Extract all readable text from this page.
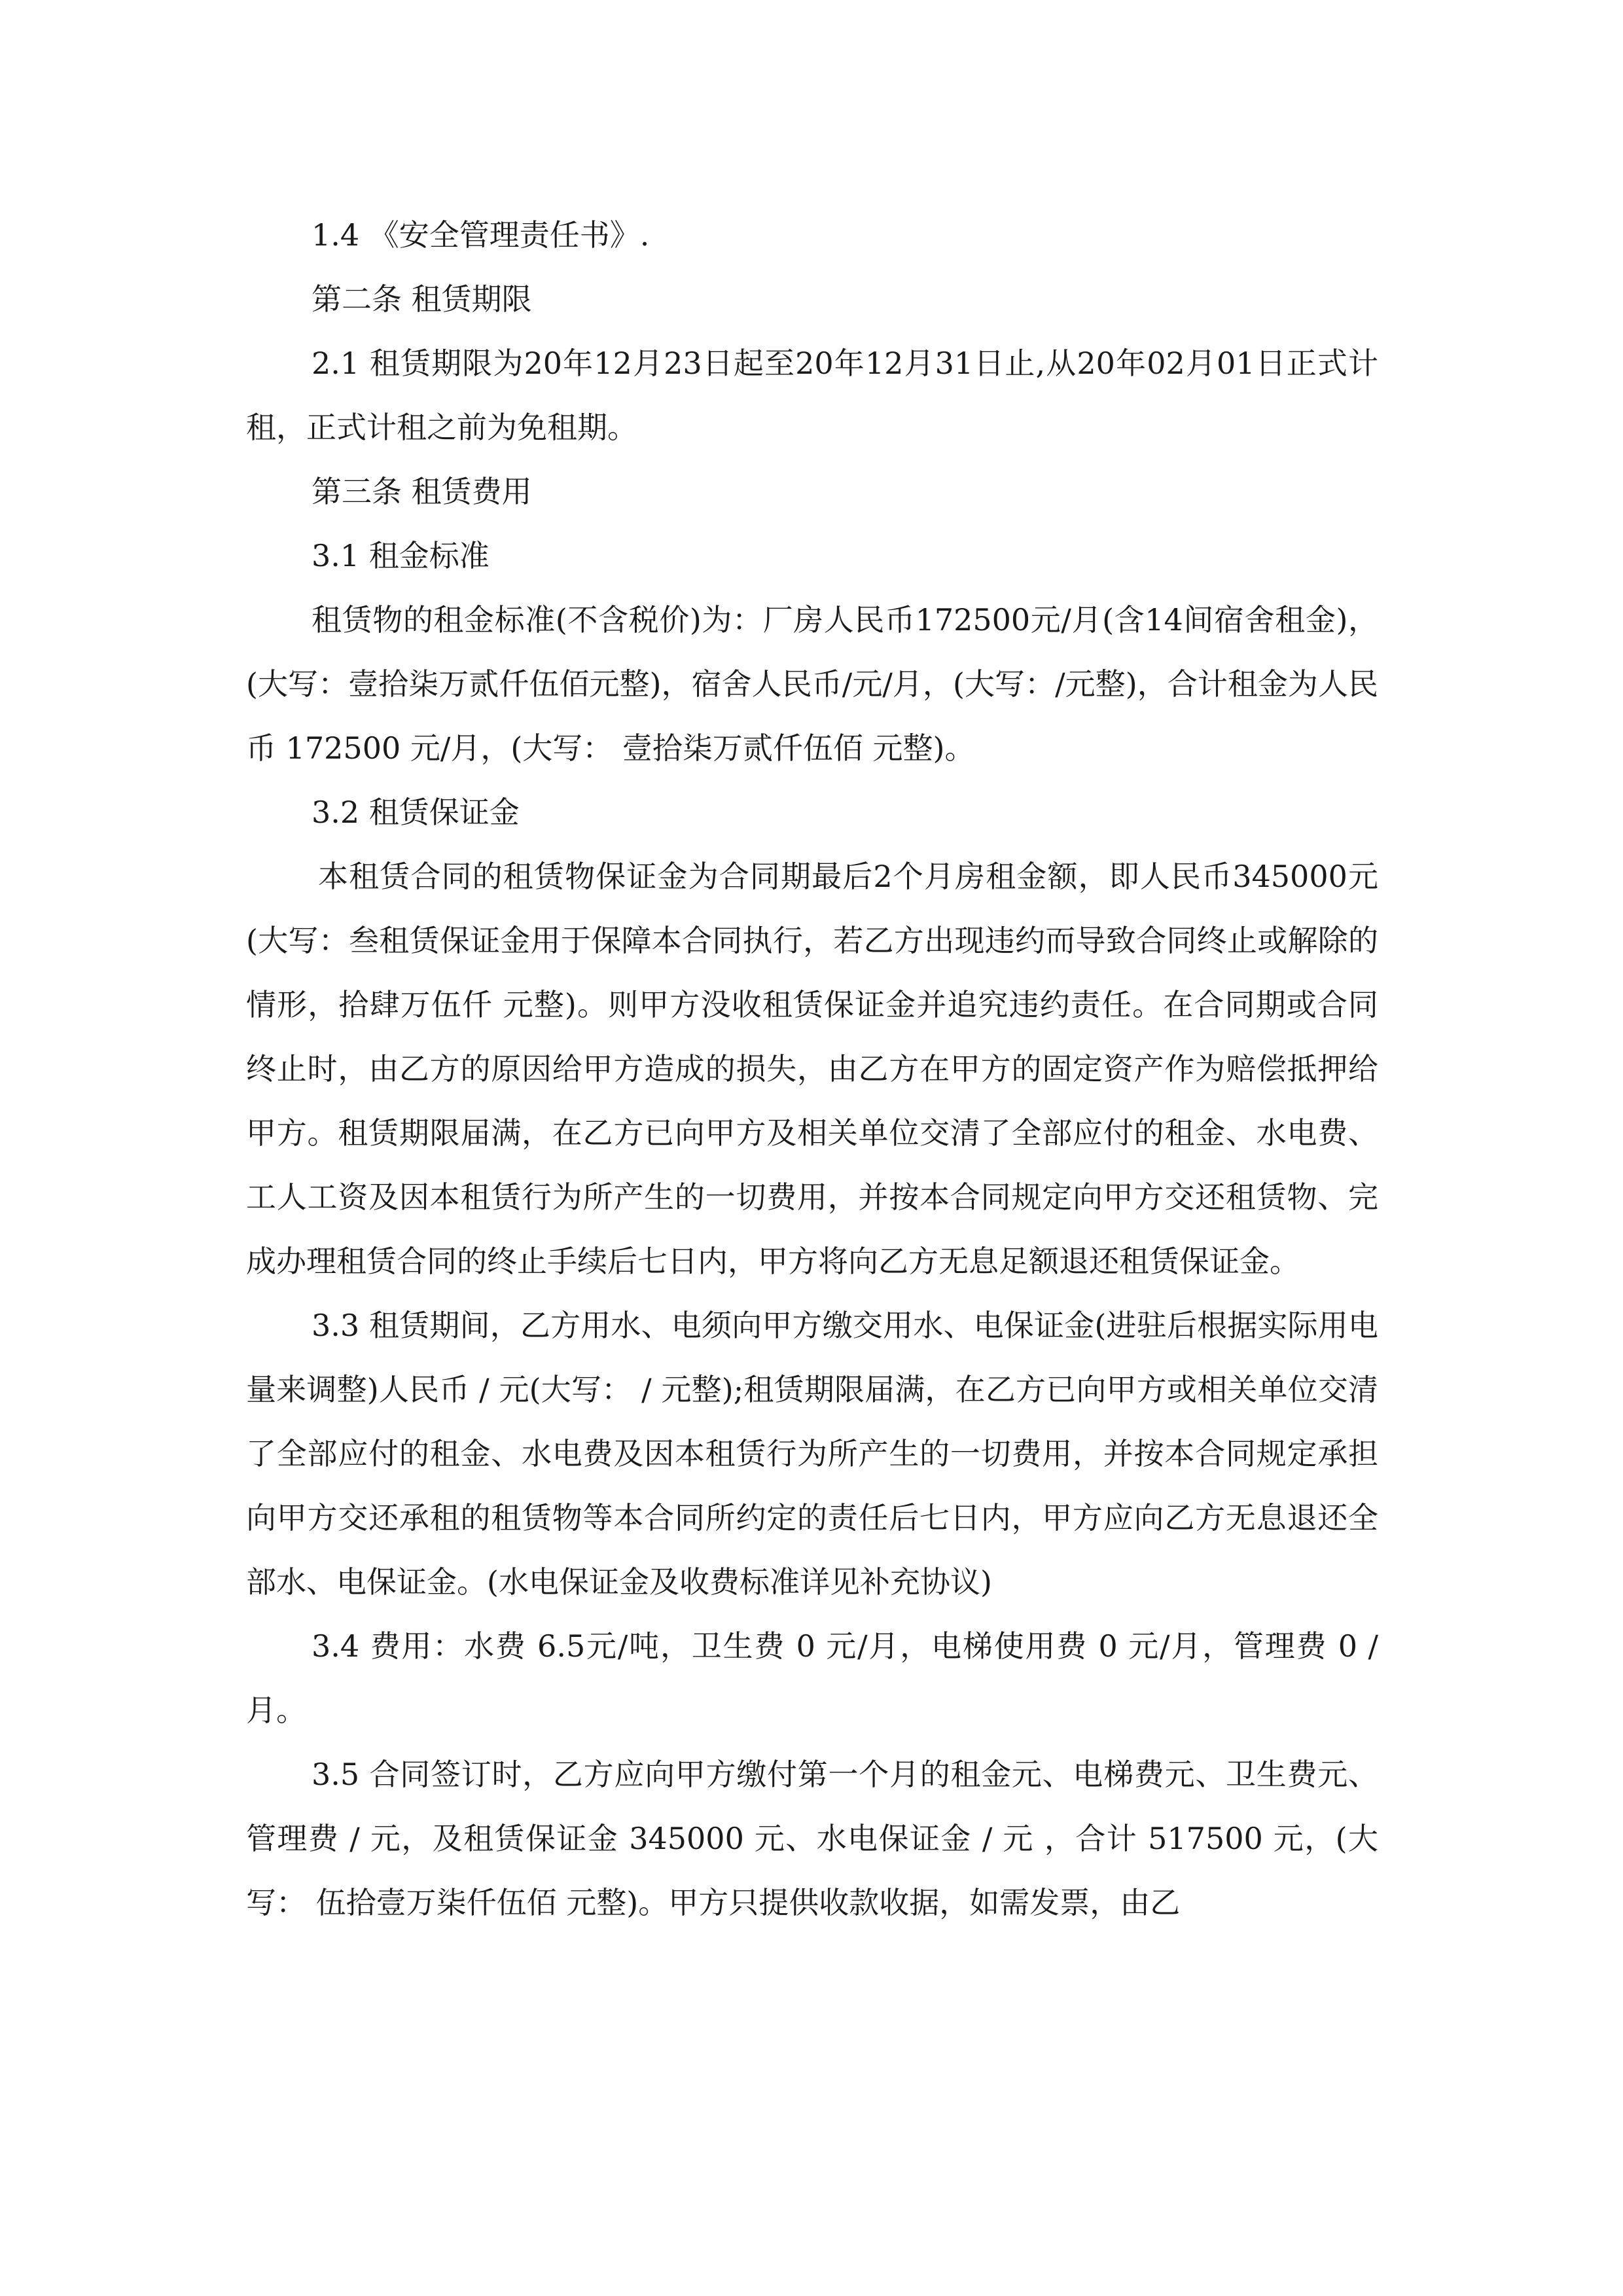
1.4 《安全管理责任书》.

第二条 租赁期限

2.1 租赁期限为20年12月23日起至20年12月31日止,从20年02月01日正式计租，正式计租之前为免租期。

第三条 租赁费用

3.1 租金标准

租赁物的租金标准(不含税价)为：厂房人民币172500元/月(含14间宿舍租金)，(大写：壹拾柒万贰仟伍佰元整)，宿舍人民币/元/月，(大写：/元整)，合计租金为人民币 172500 元/月，(大写： 壹拾柒万贰仟伍佰 元整)。

3.2 租赁保证金

本租赁合同的租赁物保证金为合同期最后2个月房租金额，即人民币345000元(大写：叁租赁保证金用于保障本合同执行，若乙方出现违约而导致合同终止或解除的情形，拾肆万伍仟 元整)。则甲方没收租赁保证金并追究违约责任。在合同期或合同终止时，由乙方的原因给甲方造成的损失，由乙方在甲方的固定资产作为赔偿抵押给甲方。租赁期限届满，在乙方已向甲方及相关单位交清了全部应付的租金、水电费、工人工资及因本租赁行为所产生的一切费用，并按本合同规定向甲方交还租赁物、完成办理租赁合同的终止手续后七日内，甲方将向乙方无息足额退还租赁保证金。

3.3 租赁期间，乙方用水、电须向甲方缴交用水、电保证金(进驻后根据实际用电量来调整)人民币 / 元(大写： / 元整);租赁期限届满，在乙方已向甲方或相关单位交清了全部应付的租金、水电费及因本租赁行为所产生的一切费用，并按本合同规定承担向甲方交还承租的租赁物等本合同所约定的责任后七日内，甲方应向乙方无息退还全部水、电保证金。(水电保证金及收费标准详见补充协议)

3.4 费用：水费 6.5元/吨，卫生费 0 元/月，电梯使用费 0 元/月，管理费 0 /月。

3.5 合同签订时，乙方应向甲方缴付第一个月的租金元、电梯费元、卫生费元、管理费 / 元，及租赁保证金 345000 元、水电保证金 / 元 ，合计 517500 元，(大写： 伍拾壹万柒仟伍佰 元整)。甲方只提供收款收据，如需发票，由乙
